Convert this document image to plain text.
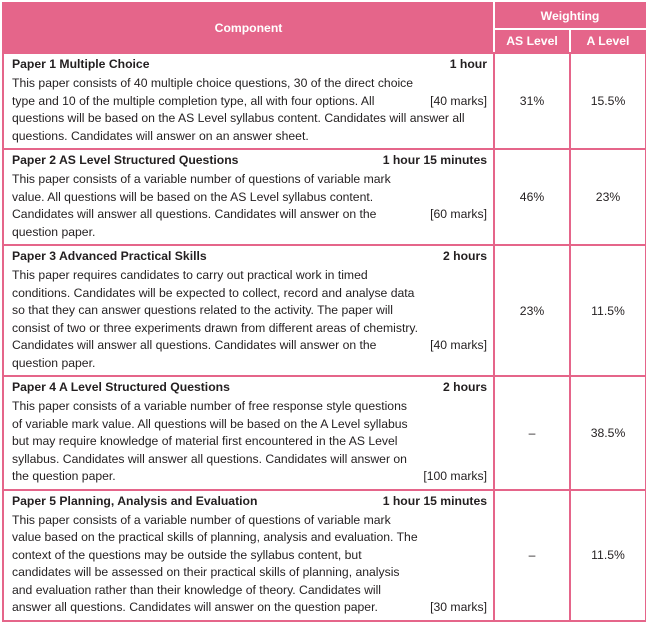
Component	Weighting	
	AS Level	A Level

Paper 1 Multiple Choice 1 hour
[40 marks]
This paper consists of 40 multiple choice questions, 30 of the direct choice type and 10 of the multiple completion type, all with four options. All questions will be based on the AS Level syllabus content. Candidates will answer all questions. Candidates will answer on an answer sheet.	31%	15.5%

Paper 2 AS Level Structured Questions 1 hour 15 minutes
[60 marks]
This paper consists of a variable number of questions of variable mark value. All questions will be based on the AS Level syllabus content. Candidates will answer all questions. Candidates will answer on the question paper.	46%	23%

Paper 3 Advanced Practical Skills 2 hours
[40 marks]
This paper requires candidates to carry out practical work in timed conditions. Candidates will be expected to collect, record and analyse data so that they can answer questions related to the activity. The paper will consist of two or three experiments drawn from different areas of chemistry. Candidates will answer all questions. Candidates will answer on the question paper.	23%	11.5%

Paper 4 A Level Structured Questions 2 hours
[100 marks]
This paper consists of a variable number of free response style questions of variable mark value. All questions will be based on the A Level syllabus but may require knowledge of material first encountered in the AS Level syllabus. Candidates will answer all questions. Candidates will answer on the question paper.	–	38.5%

Paper 5 Planning, Analysis and Evaluation 1 hour 15 minutes
[30 marks]
This paper consists of a variable number of questions of variable mark value based on the practical skills of planning, analysis and evaluation. The context of the questions may be outside the syllabus content, but candidates will be assessed on their practical skills of planning, analysis and evaluation rather than their knowledge of theory. Candidates will answer all questions. Candidates will answer on the question paper.	–	11.5%
